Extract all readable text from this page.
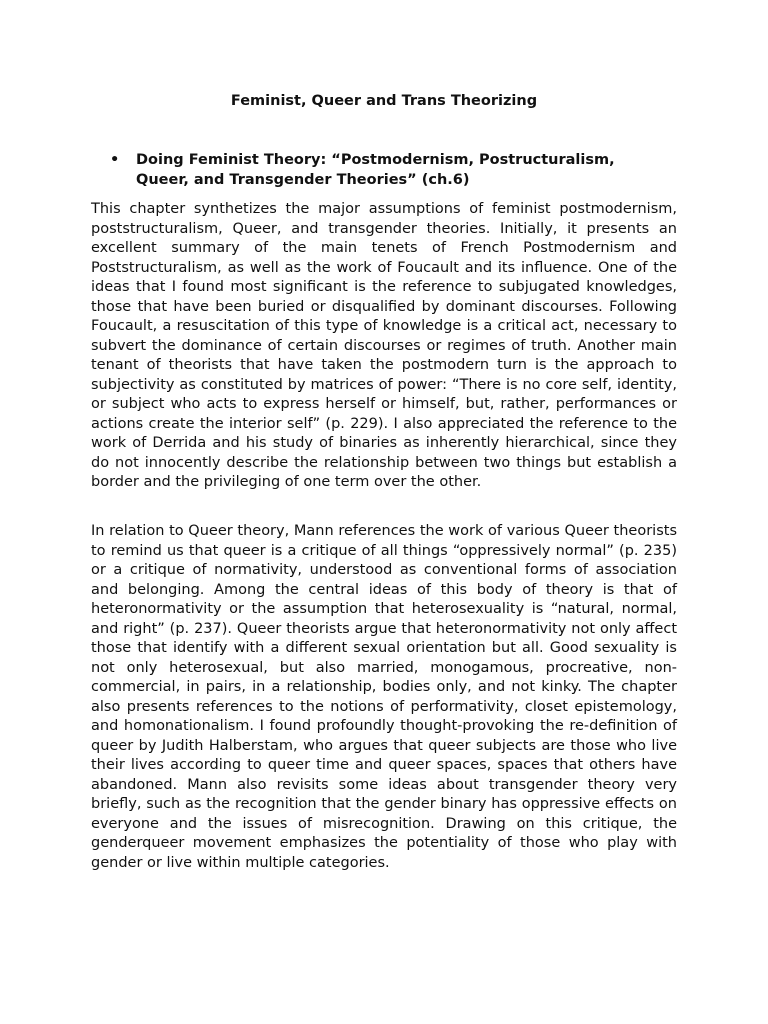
Feminist, Queer and Trans Theorizing
•	Doing Feminist Theory: “Postmodernism, Postructuralism, Queer, and Transgender Theories” (ch.6)

This chapter synthetizes the major assumptions of feminist postmodernism, poststructuralism, Queer, and transgender theories. Initially, it presents an excellent summary of the main tenets of French Postmodernism and Poststructuralism, as well as the work of Foucault and its influence. One of the ideas that I found most significant is the reference to subjugated knowledges, those that have been buried or disqualified by dominant discourses. Following Foucault, a resuscitation of this type of knowledge is a critical act, necessary to subvert the dominance of certain discourses or regimes of truth. Another main tenant of theorists that have taken the postmodern turn is the approach to subjectivity as constituted by matrices of power: “There is no core self, identity, or subject who acts to express herself or himself, but, rather, performances or actions create the interior self” (p. 229). I also appreciated the reference to the work of Derrida and his study of binaries as inherently hierarchical, since they do not innocently describe the relationship between two things but establish a border and the privileging of one term over the other.

In relation to Queer theory, Mann references the work of various Queer theorists to remind us that queer is a critique of all things “oppressively normal” (p. 235) or a critique of normativity, understood as conventional forms of association and belonging. Among the central ideas of this body of theory is that of heteronormativity or the assumption that heterosexuality is “natural, normal, and right” (p. 237). Queer theorists argue that heteronormativity not only affect those that identify with a different sexual orientation but all. Good sexuality is not only heterosexual, but also married, monogamous, procreative, non-commercial, in pairs, in a relationship, bodies only, and not kinky. The chapter also presents references to the notions of performativity, closet epistemology, and homonationalism. I found profoundly thought-provoking the re-definition of queer by Judith Halberstam, who argues that queer subjects are those who live their lives according to queer time and queer spaces, spaces that others have abandoned. Mann also revisits some ideas about transgender theory very briefly, such as the recognition that the gender binary has oppressive effects on everyone and the issues of misrecognition. Drawing on this critique, the genderqueer movement emphasizes the potentiality of those who play with gender or live within multiple categories.
